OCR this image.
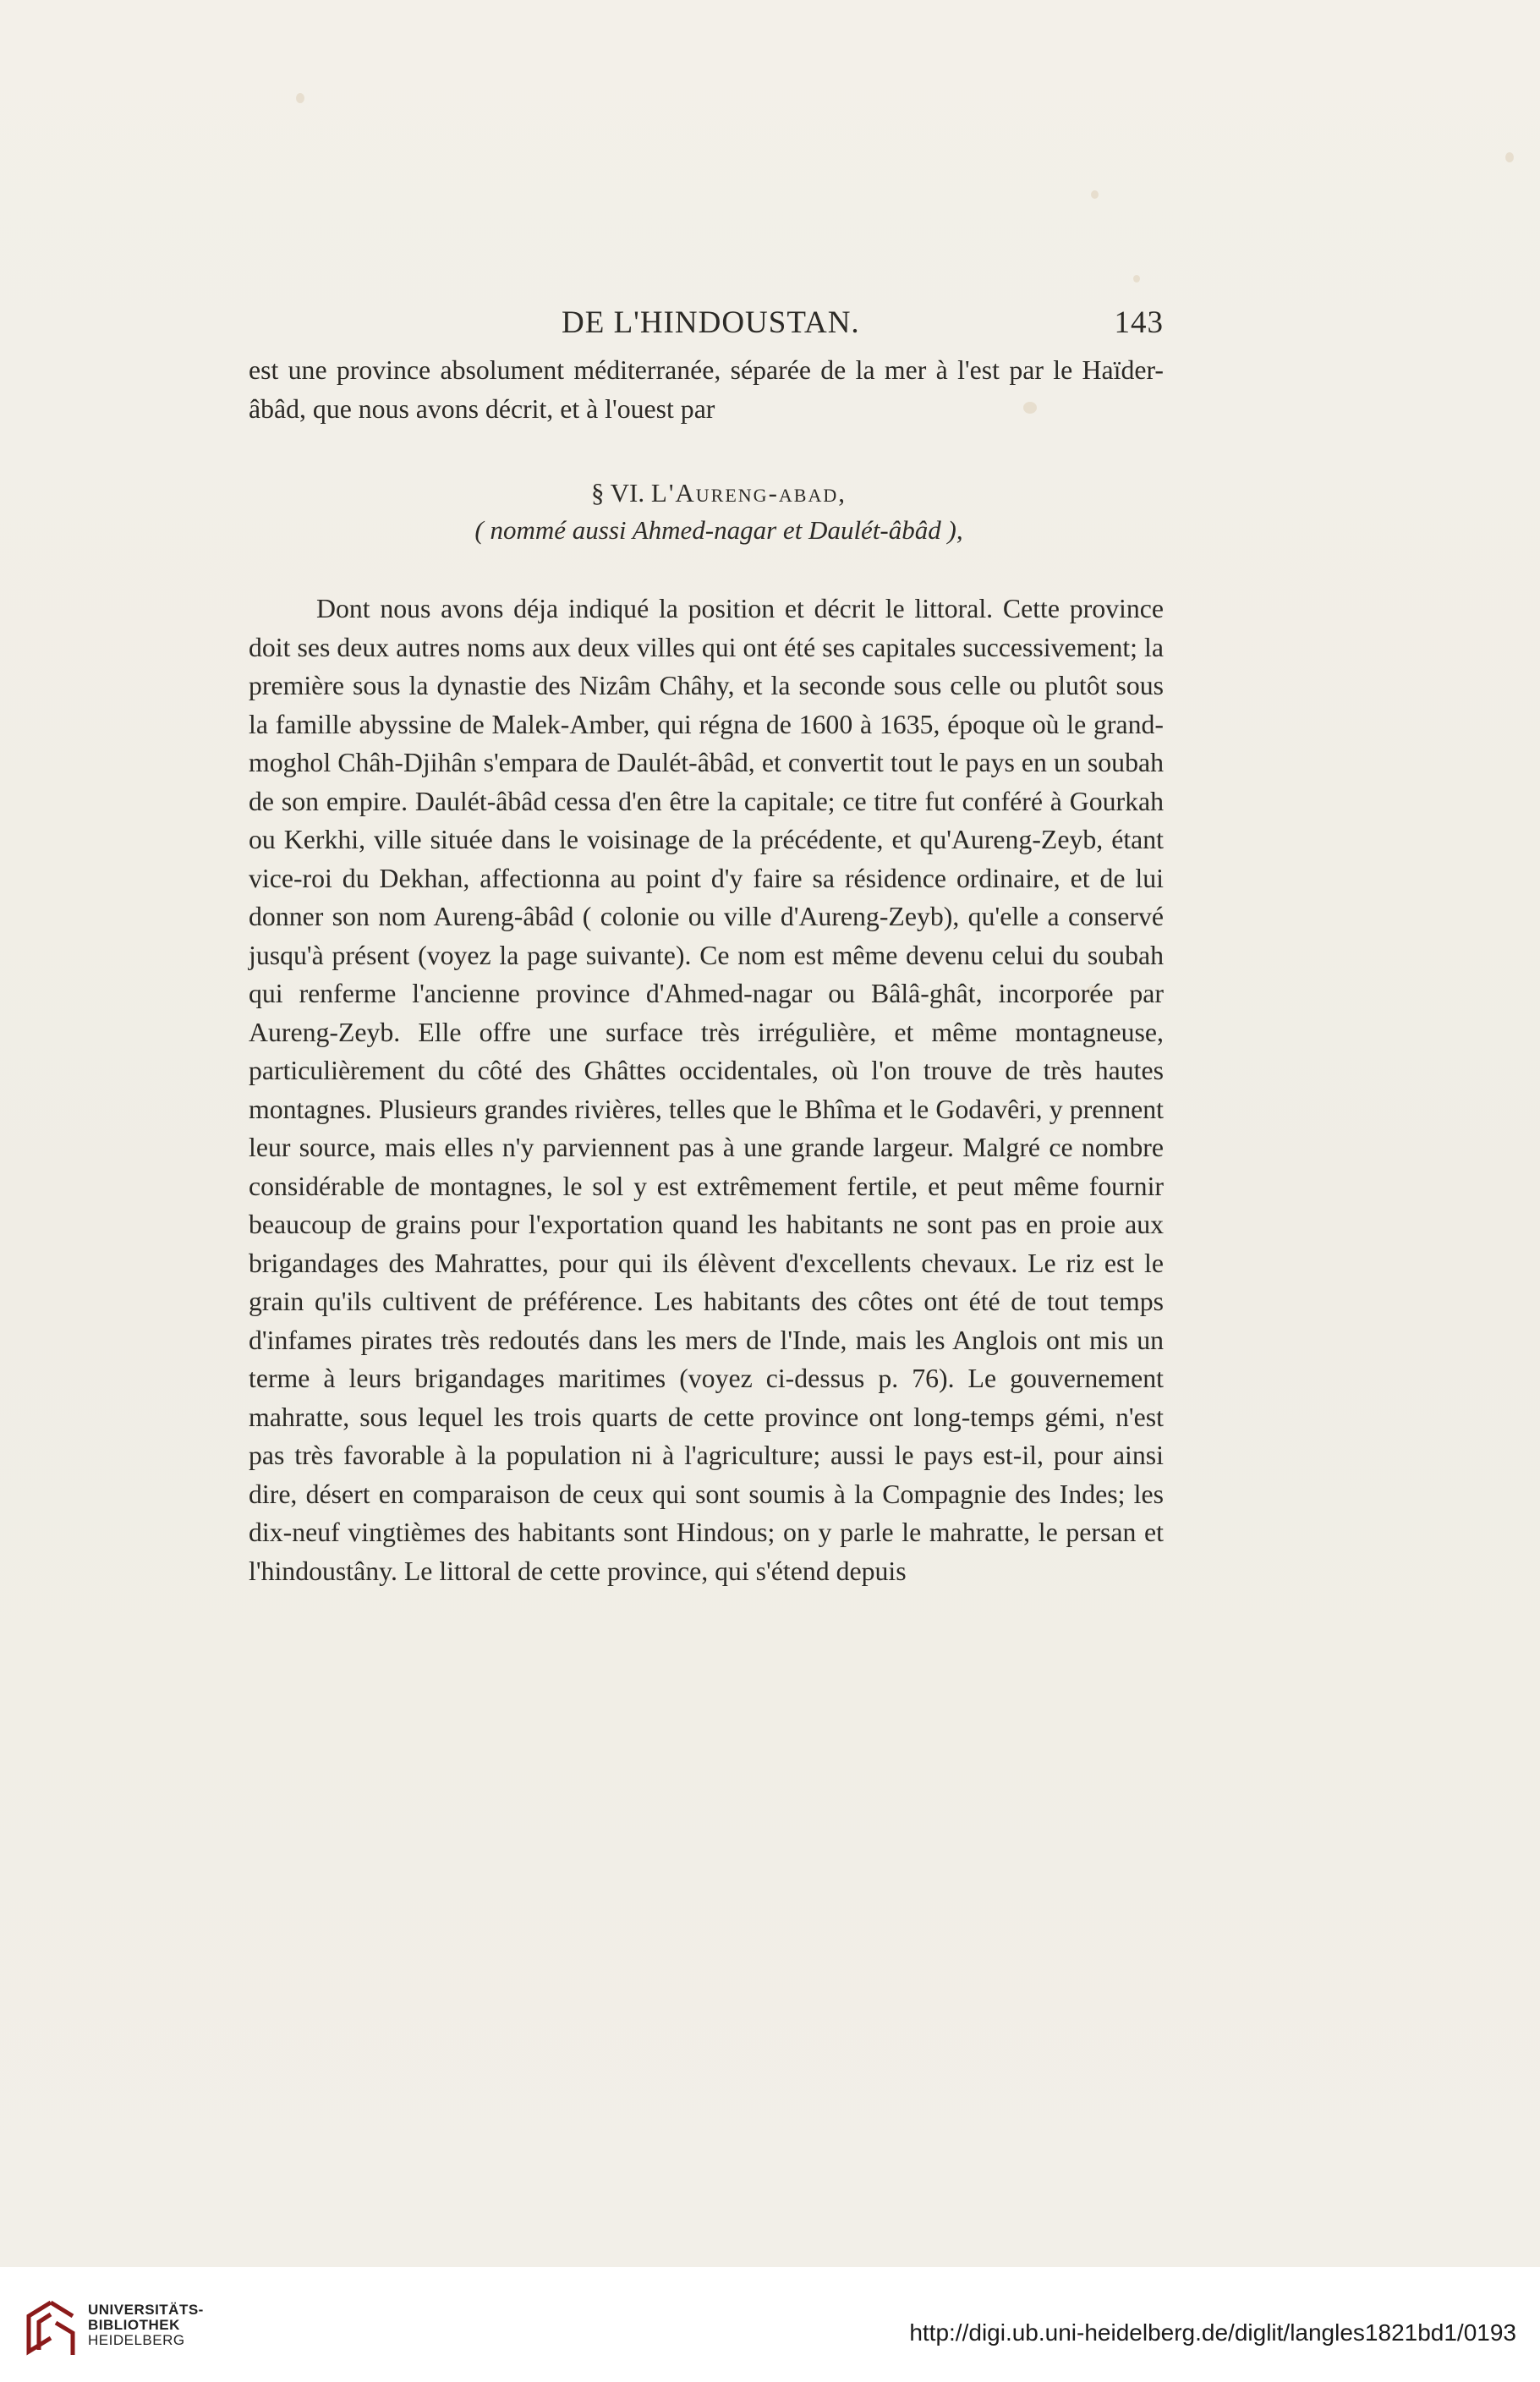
DE L'HINDOUSTAN.	143

est une province absolument méditerranée, séparée de la mer à l'est par le Haïder-âbâd, que nous avons décrit, et à l'ouest par

§ VI. L'Aureng-abad,
( nommé aussi Ahmed-nagar et Daulét-âbâd ),

Dont nous avons déja indiqué la position et décrit le littoral. Cette province doit ses deux autres noms aux deux villes qui ont été ses capitales successivement; la première sous la dynastie des Nizâm Châhy, et la seconde sous celle ou plutôt sous la famille abyssine de Malek-Amber, qui régna de 1600 à 1635, époque où le grand-moghol Châh-Djihân s'empara de Daulét-âbâd, et convertit tout le pays en un soubah de son empire. Daulét-âbâd cessa d'en être la capitale; ce titre fut conféré à Gourkah ou Kerkhi, ville située dans le voisinage de la précédente, et qu'Aureng-Zeyb, étant vice-roi du Dekhan, affectionna au point d'y faire sa résidence ordinaire, et de lui donner son nom Aureng-âbâd ( colonie ou ville d'Aureng-Zeyb), qu'elle a conservé jusqu'à présent (voyez la page suivante). Ce nom est même devenu celui du soubah qui renferme l'ancienne province d'Ahmed-nagar ou Bâlâ-ghât, incorporée par Aureng-Zeyb. Elle offre une surface très irrégulière, et même montagneuse, particulièrement du côté des Ghâttes occidentales, où l'on trouve de très hautes montagnes. Plusieurs grandes rivières, telles que le Bhîma et le Godavêri, y prennent leur source, mais elles n'y parviennent pas à une grande largeur. Malgré ce nombre considérable de montagnes, le sol y est extrêmement fertile, et peut même fournir beaucoup de grains pour l'exportation quand les habitants ne sont pas en proie aux brigandages des Mahrattes, pour qui ils élèvent d'excellents chevaux. Le riz est le grain qu'ils cultivent de préférence. Les habitants des côtes ont été de tout temps d'infames pirates très redoutés dans les mers de l'Inde, mais les Anglois ont mis un terme à leurs brigandages maritimes (voyez ci-dessus p. 76). Le gouvernement mahratte, sous lequel les trois quarts de cette province ont long-temps gémi, n'est pas très favorable à la population ni à l'agriculture; aussi le pays est-il, pour ainsi dire, désert en comparaison de ceux qui sont soumis à la Compagnie des Indes; les dix-neuf vingtièmes des habitants sont Hindous; on y parle le mahratte, le persan et l'hindoustâny. Le littoral de cette province, qui s'étend depuis

UNIVERSITÄTS-
BIBLIOTHEK
HEIDELBERG	http://digi.ub.uni-heidelberg.de/diglit/langles1821bd1/0193
